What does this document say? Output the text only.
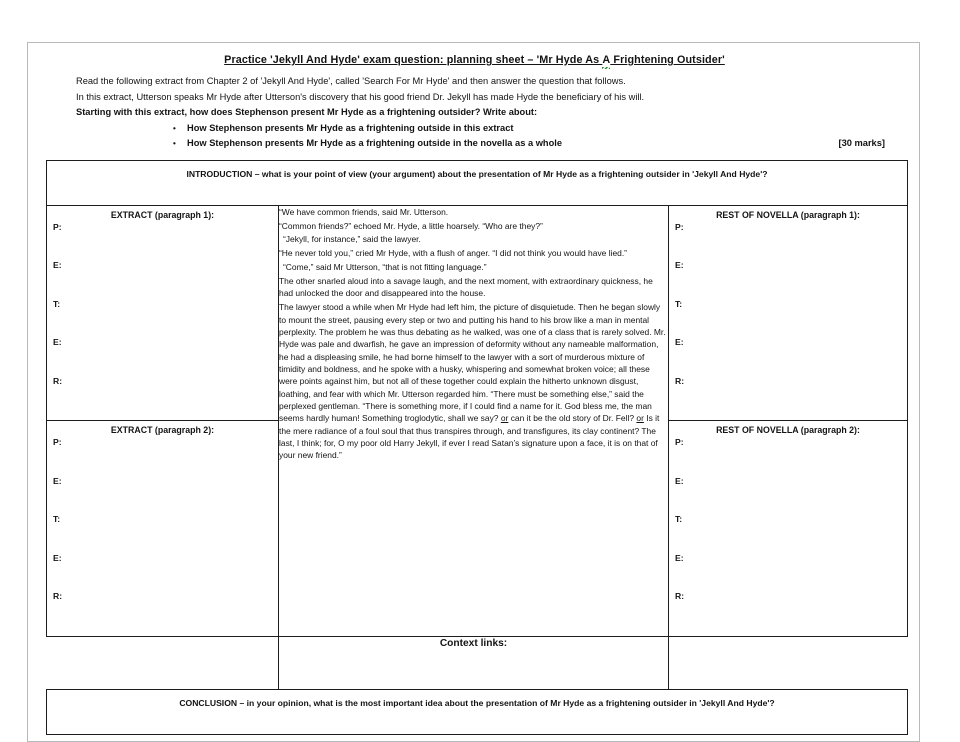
Practice 'Jekyll And Hyde' exam question: planning sheet – 'Mr Hyde As A Frightening Outsider'
Read the following extract from Chapter 2 of 'Jekyll And Hyde', called 'Search For Mr Hyde' and then answer the question that follows.
In this extract, Utterson speaks Mr Hyde after Utterson's discovery that his good friend Dr. Jekyll has made Hyde the beneficiary of his will.
Starting with this extract, how does Stephenson present Mr Hyde as a frightening outsider? Write about:
•	How Stephenson presents Mr Hyde as a frightening outside in this extract
•	How Stephenson presents Mr Hyde as a frightening outside in the novella as a whole	[30 marks]
INTRODUCTION – what is your point of view (your argument) about the presentation of Mr Hyde as a frightening outsider in 'Jekyll And Hyde'?		

EXTRACT (paragraph 1):
P:
E:
T:
E:
R:

“We have common friends, said Mr. Utterson.

“Common friends?” echoed Mr. Hyde, a little hoarsely. “Who are they?”

“Jekyll, for instance,” said the lawyer.

“He never told you,” cried Mr Hyde, with a flush of anger. “I did not think you would have lied.”

“Come,” said Mr Utterson, “that is not fitting language.”

The other snarled aloud into a savage laugh, and the next moment, with extraordinary quickness, he had unlocked the door and disappeared into the house.

The lawyer stood a while when Mr Hyde had left him, the picture of disquietude. Then he began slowly to mount the street, pausing every step or two and putting his hand to his brow like a man in mental perplexity. The problem he was thus debating as he walked, was one of a class that is rarely solved. Mr. Hyde was pale and dwarfish, he gave an impression of deformity without any nameable malformation, he had a displeasing smile, he had borne himself to the lawyer with a sort of murderous mixture of timidity and boldness, and he spoke with a husky, whispering and somewhat broken voice; all these were points against him, but not all of these together could explain the hitherto unknown disgust, loathing, and fear with which Mr. Utterson regarded him. “There must be something else,” said the perplexed gentleman. “There is something more, if I could find a name for it. God bless me, the man seems hardly human! Something troglodytic, shall we say? or can it be the old story of Dr. Fell? or Is it the mere radiance of a foul soul that thus transpires through, and transfigures, its clay continent? The last, I think; for, O my poor old Harry Jekyll, if ever I read Satan’s signature upon a face, it is on that of your new friend.”

REST OF NOVELLA (paragraph 1):
P:
E:
T:
E:
R:

EXTRACT (paragraph 2):
P:
E:
T:
E:
R:

REST OF NOVELLA (paragraph 2):
P:
E:
T:
E:
R:

	Context links:	

CONCLUSION – in your opinion, what is the most important idea about the presentation of Mr Hyde as a frightening outsider in 'Jekyll And Hyde'?		
